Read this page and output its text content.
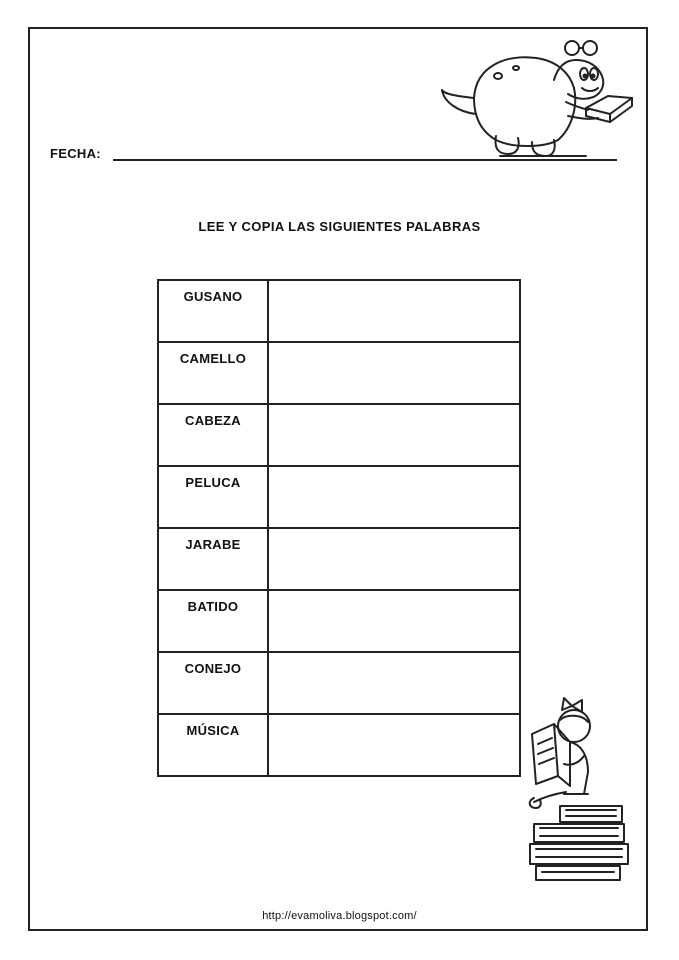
FECHA:
LEE Y COPIA LAS SIGUIENTES PALABRAS
GUSANO	
CAMELLO	
CABEZA	
PELUCA	
JARABE	
BATIDO	
CONEJO	
MÚSICA	
http://evamoliva.blogspot.com/
